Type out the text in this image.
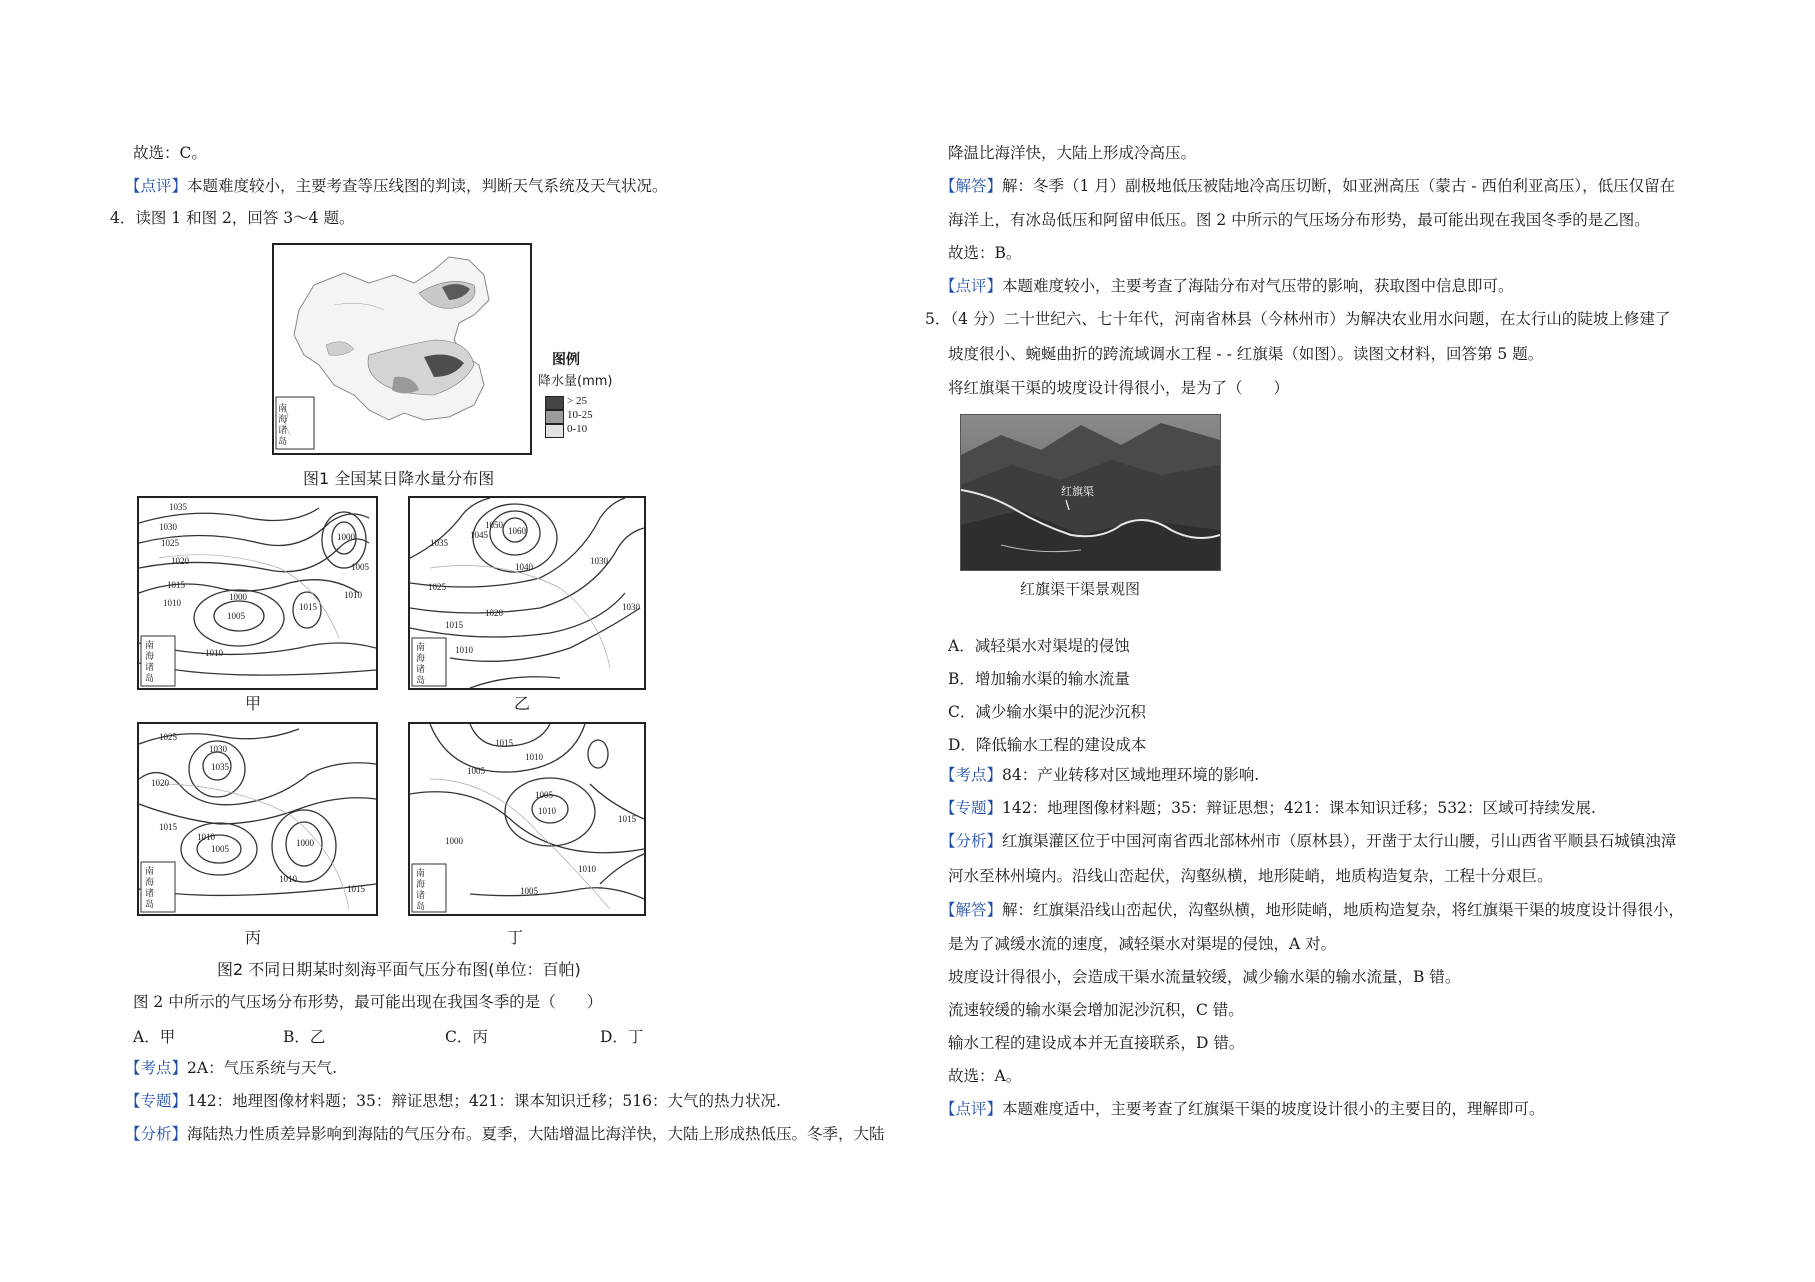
故选：C。
【点评】本题难度较小，主要考查等压线图的判读，判断天气系统及天气状况。
4．读图 1 和图 2，回答 3～4 题。
南海诸岛
图例
降水量(mm)
> 25
10-25
0-10
图1 全国某日降水量分布图
南海诸岛
1035
1030
1025
1020
1015
1010
1005
1000
1015
1010
1000
1005
1010
甲
南海诸岛
1045
1050
1060
1040
1035
1030
1025
1020
1015
1010
1030
乙
南海诸岛
1025
1030
1035
1020
1015
1010
1005
1000
1010
1015
丙
南海诸岛
1015
1010
1005
1005
1010
1015
1010
1000
1005
丁
图2 不同日期某时刻海平面气压分布图(单位：百帕)
图 2 中所示的气压场分布形势，最可能出现在我国冬季的是（　　）
A．甲	B．乙	C．丙	D．丁
【考点】2A：气压系统与天气.
【专题】142：地理图像材料题；35：辩证思想；421：课本知识迁移；516：大气的热力状况.
【分析】海陆热力性质差异影响到海陆的气压分布。夏季，大陆增温比海洋快，大陆上形成热低压。冬季，大陆
降温比海洋快，大陆上形成冷高压。
【解答】解：冬季（1 月）副极地低压被陆地冷高压切断，如亚洲高压（蒙古 - 西伯利亚高压），低压仅留在
海洋上，有冰岛低压和阿留申低压。图 2 中所示的气压场分布形势，最可能出现在我国冬季的是乙图。
故选：B。
【点评】本题难度较小，主要考查了海陆分布对气压带的影响，获取图中信息即可。
5．（4 分）二十世纪六、七十年代，河南省林县（今林州市）为解决农业用水问题，在太行山的陡坡上修建了
坡度很小、蜿蜒曲折的跨流域调水工程 - - 红旗渠（如图）。读图文材料，回答第 5 题。
将红旗渠干渠的坡度设计得很小，是为了（　　）
红旗渠
红旗渠干渠景观图
A．减轻渠水对渠堤的侵蚀
B．增加输水渠的输水流量
C．减少输水渠中的泥沙沉积
D．降低输水工程的建设成本
【考点】84：产业转移对区域地理环境的影响.
【专题】142：地理图像材料题；35：辩证思想；421：课本知识迁移；532：区域可持续发展.
【分析】红旗渠灌区位于中国河南省西北部林州市（原林县），开凿于太行山腰，引山西省平顺县石城镇浊漳
河水至林州境内。沿线山峦起伏，沟壑纵横，地形陡峭，地质构造复杂，工程十分艰巨。
【解答】解：红旗渠沿线山峦起伏，沟壑纵横，地形陡峭，地质构造复杂，将红旗渠干渠的坡度设计得很小，
是为了减缓水流的速度，减轻渠水对渠堤的侵蚀，A 对。
坡度设计得很小，会造成干渠水流量较缓，减少输水渠的输水流量，B 错。
流速较缓的输水渠会增加泥沙沉积，C 错。
输水工程的建设成本并无直接联系，D 错。
故选：A。
【点评】本题难度适中，主要考查了红旗渠干渠的坡度设计很小的主要目的，理解即可。
